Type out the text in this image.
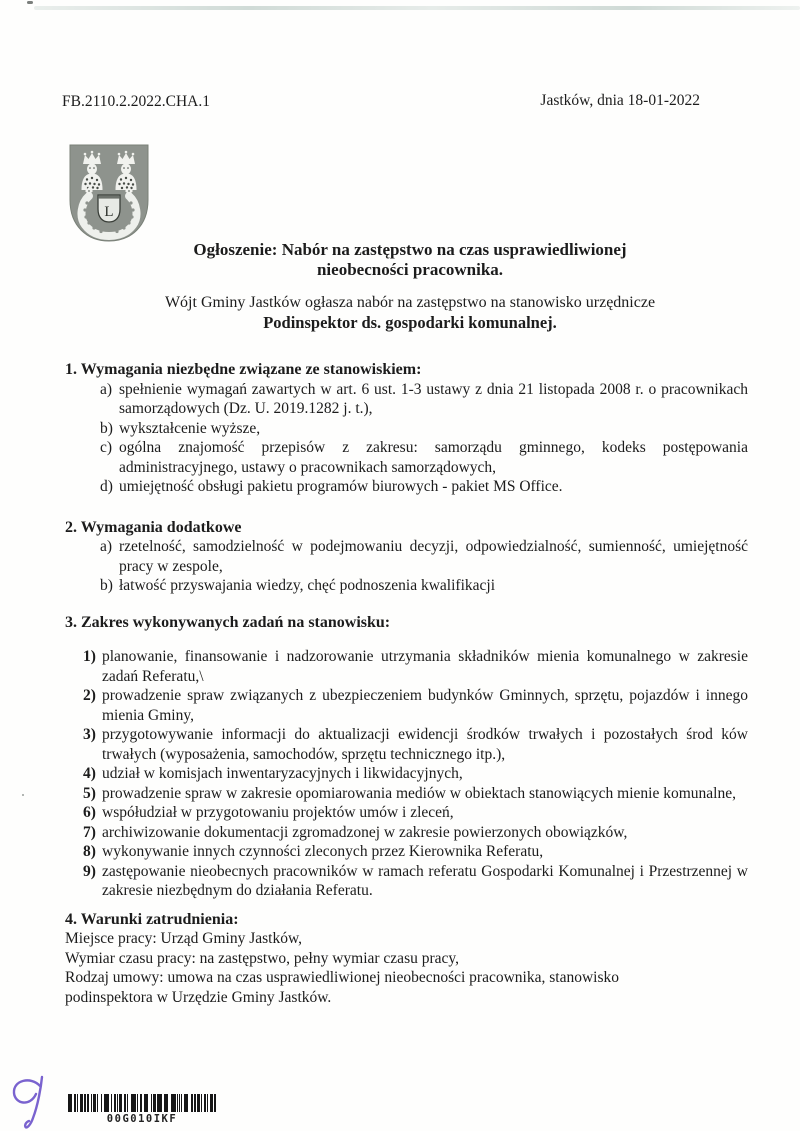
FB.2110.2.2022.CHA.1	Jastków, dnia 18-01-2022
L
Ogłoszenie: Nabór na zastępstwo na czas usprawiedliwionej
nieobecności pracownika.
Wójt Gminy Jastków ogłasza nabór na zastępstwo na stanowisko urzędnicze
Podinspektor ds. gospodarki komunalnej.
1. Wymagania niezbędne związane ze stanowiskiem:
a) spełnienie wymagań zawartych w art. 6 ust. 1-3 ustawy z dnia 21 listopada 2008 r. o pracownikach samorządowych (Dz. U. 2019.1282 j. t.),
b) wykształcenie wyższe,
c) ogólna znajomość przepisów z zakresu: samorządu gminnego, kodeks postępowania administracyjnego, ustawy o pracownikach samorządowych,
d) umiejętność obsługi pakietu programów biurowych - pakiet MS Office.
2. Wymagania dodatkowe
a) rzetelność, samodzielność w podejmowaniu decyzji, odpowiedzialność, sumienność, umiejętność pracy w zespole,
b) łatwość przyswajania wiedzy, chęć podnoszenia kwalifikacji
3. Zakres wykonywanych zadań na stanowisku:
1) planowanie, finansowanie i nadzorowanie utrzymania składników mienia komunalnego w zakresie zadań Referatu,\
2) prowadzenie spraw związanych z ubezpieczeniem budynków Gminnych, sprzętu, pojazdów i innego mienia Gminy,
3) przygotowywanie informacji do aktualizacji ewidencji środków trwałych i pozostałych środ ków trwałych (wyposażenia, samochodów, sprzętu technicznego itp.),
4) udział w komisjach inwentaryzacyjnych i likwidacyjnych,
5) prowadzenie spraw w zakresie opomiarowania mediów w obiektach stanowiących mienie komunalne,
6) współudział w przygotowaniu projektów umów i zleceń,
7) archiwizowanie dokumentacji zgromadzonej w zakresie powierzonych obowiązków,
8) wykonywanie innych czynności zleconych przez Kierownika Referatu,
9) zastępowanie nieobecnych pracowników w ramach referatu Gospodarki Komunalnej i Przestrzennej w zakresie niezbędnym do działania Referatu.
4. Warunki zatrudnienia:

Miejsce pracy: Urząd Gminy Jastków,

Wymiar czasu pracy: na zastępstwo, pełny wymiar czasu pracy,

Rodzaj umowy: umowa na czas usprawiedliwionej nieobecności pracownika, stanowisko

podinspektora w Urzędzie Gminy Jastków.

00G010IKF
